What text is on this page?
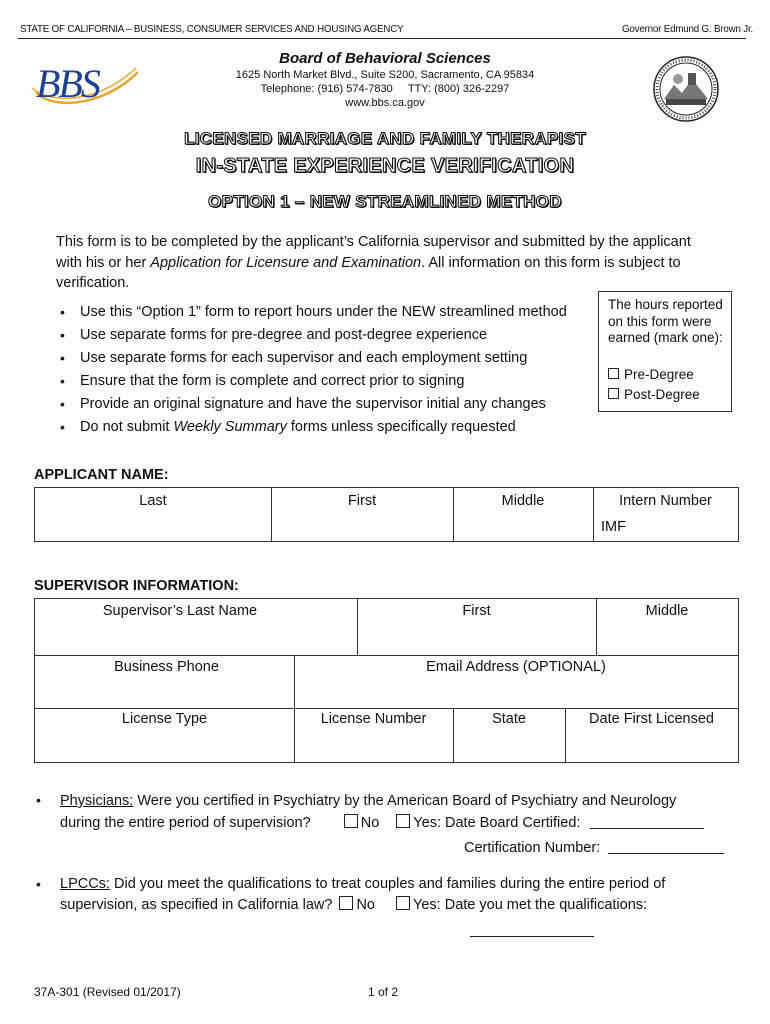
STATE OF CALIFORNIA – BUSINESS, CONSUMER SERVICES AND HOUSING AGENCY	Governor Edmund G. Brown Jr.
BBS
Board of Behavioral Sciences
1625 North Market Blvd., Suite S200, Sacramento, CA 95834
Telephone: (916) 574-7830     TTY: (800) 326-2297
www.bbs.ca.gov
LICENSED MARRIAGE AND FAMILY THERAPIST
IN-STATE EXPERIENCE VERIFICATION
OPTION 1 – NEW STREAMLINED METHOD
This form is to be completed by the applicant’s California supervisor and submitted by the applicant with his or her Application for Licensure and Examination. All information on this form is subject to verification.
• Use this “Option 1” form to report hours under the NEW streamlined method
• Use separate forms for pre-degree and post-degree experience
• Use separate forms for each supervisor and each employment setting
• Ensure that the form is complete and correct prior to signing
• Provide an original signature and have the supervisor initial any changes
• Do not submit Weekly Summary forms unless specifically requested
The hours reported on this form were earned (mark one):
Pre-Degree
Post-Degree
APPLICANT NAME:
Last	First	Middle	Intern Number
IMF
SUPERVISOR INFORMATION:
Supervisor’s Last Name	First	Middle
Business Phone	Email Address (OPTIONAL)
License Type	License Number	State	Date First Licensed
• Physicians: Were you certified in Psychiatry by the American Board of Psychiatry and Neurology
during the entire period of supervision?	No Yes: Date Board Certified:
Certification Number:
• LPCCs: Did you meet the qualifications to treat couples and families during the entire period of
supervision, as specified in California law? No	Yes: Date you met the qualifications:
37A-301 (Revised 01/2017)	1 of 2
